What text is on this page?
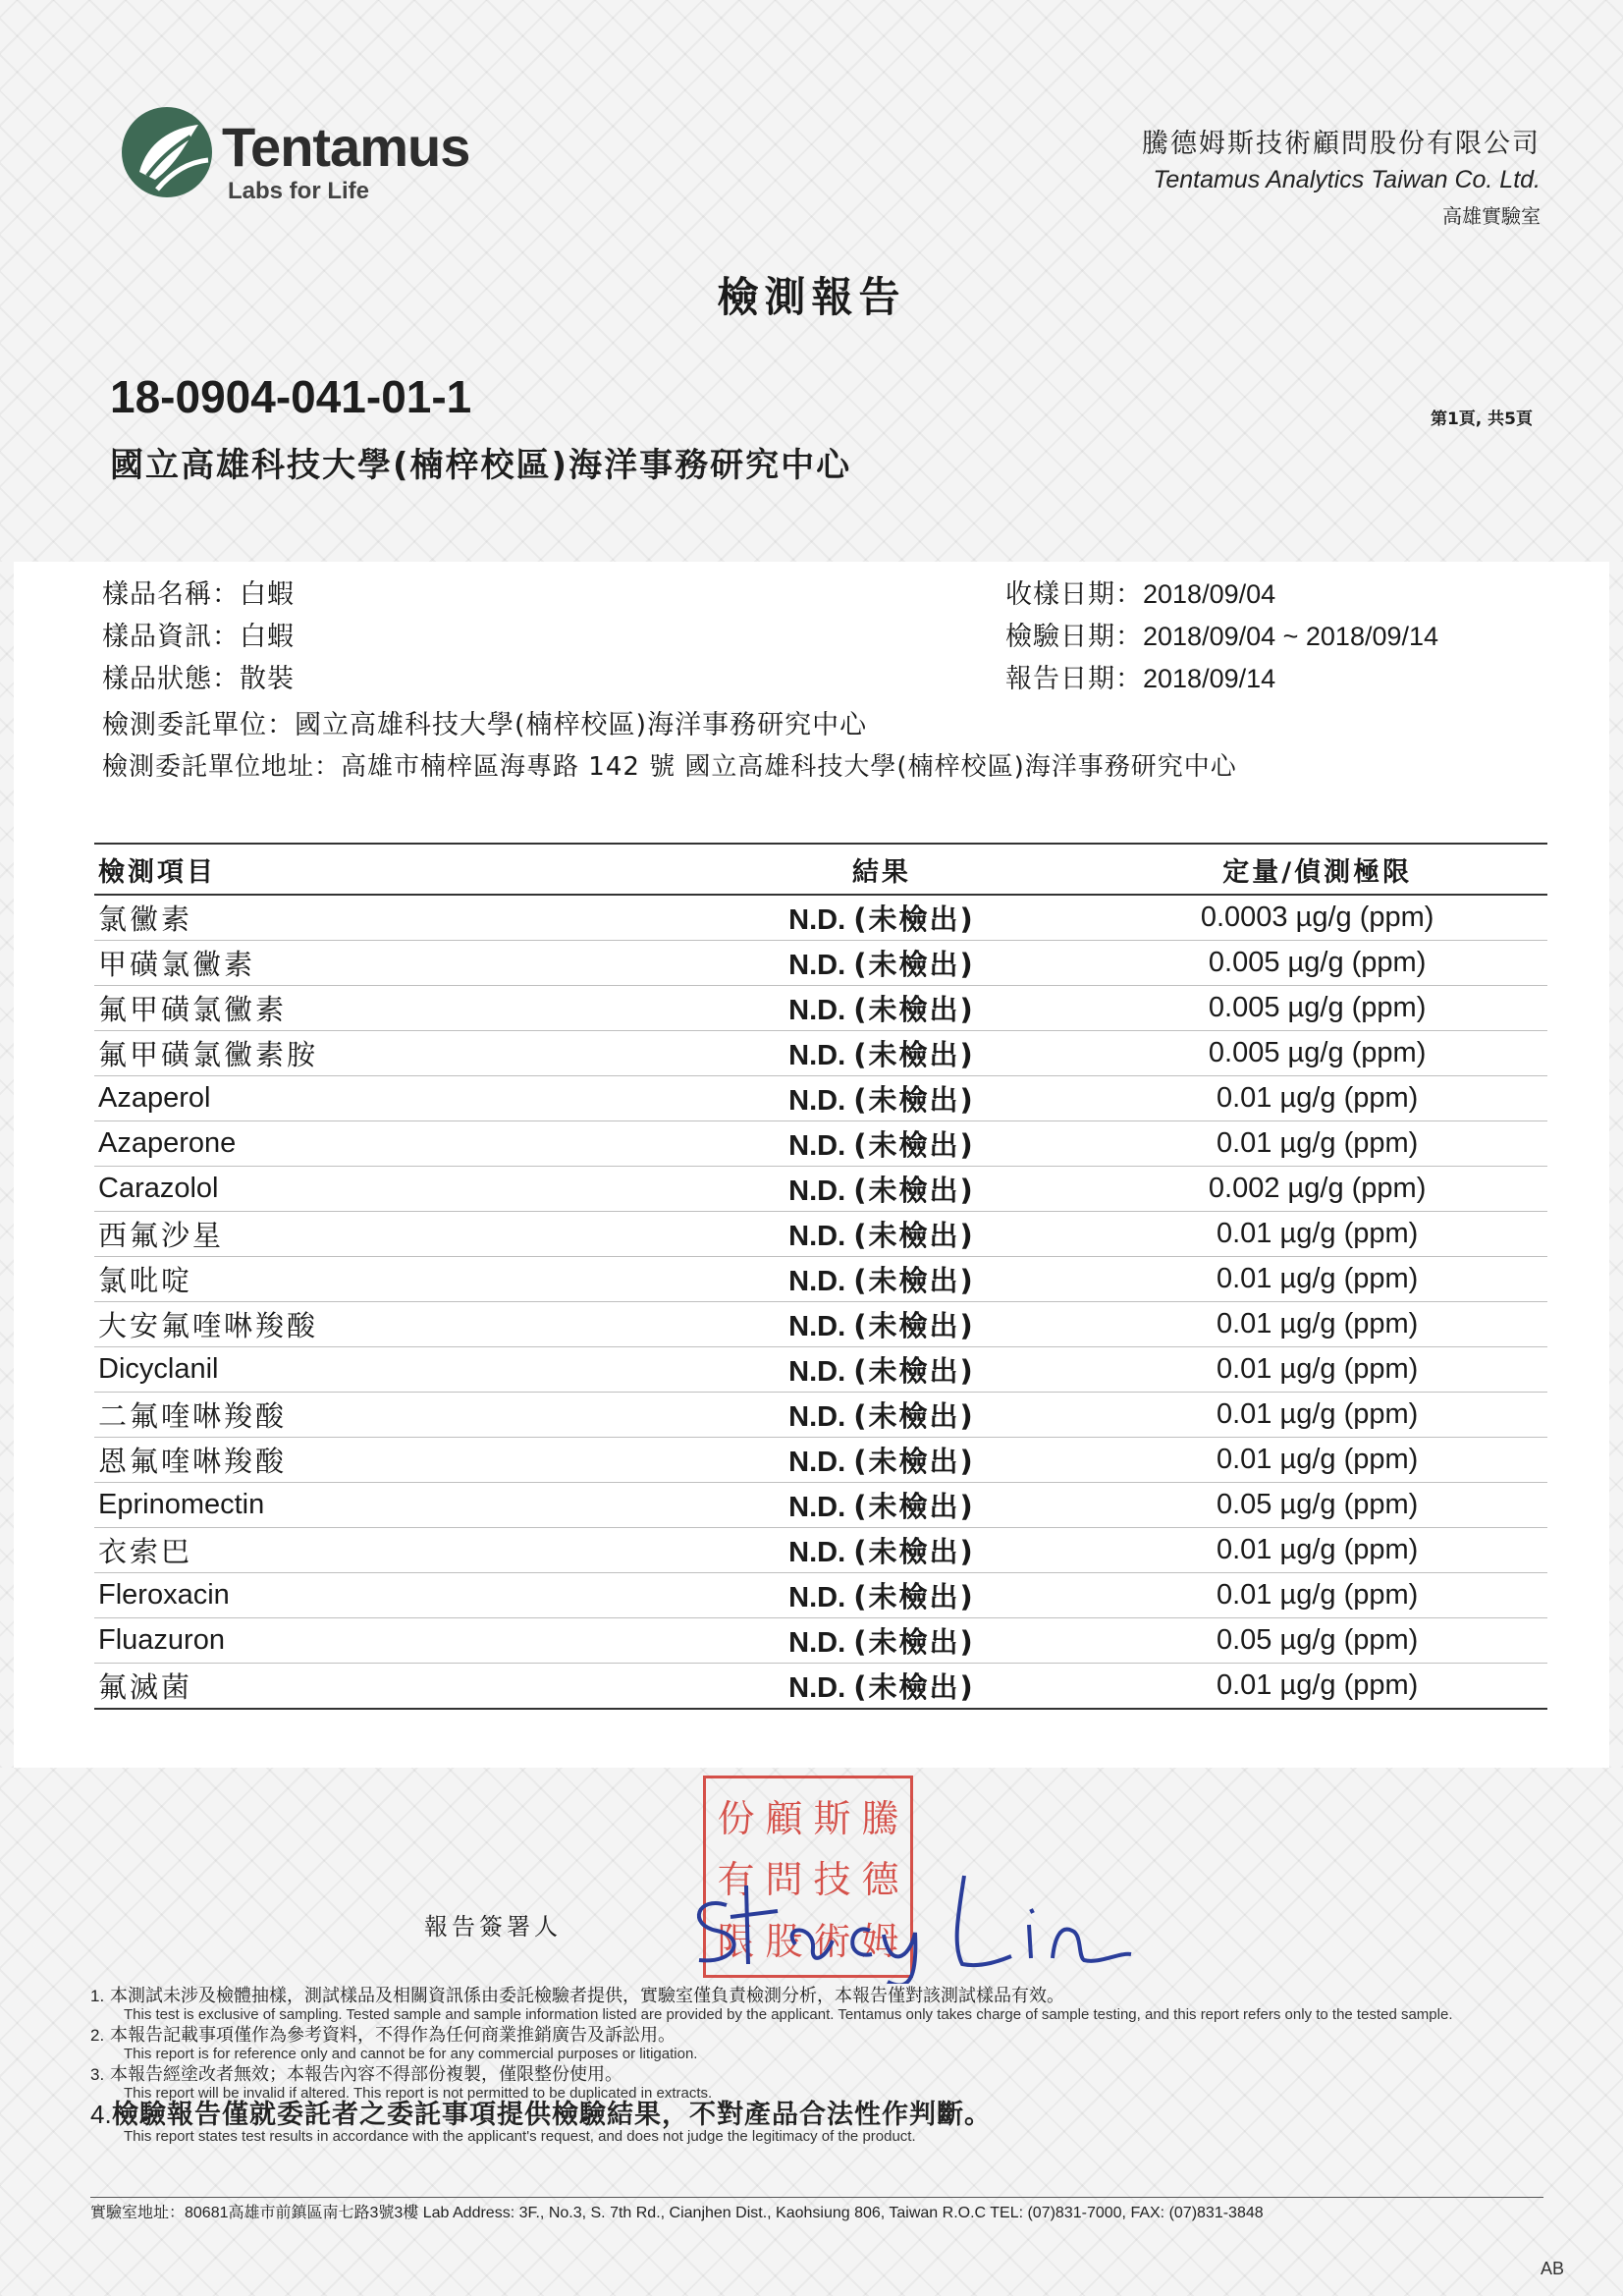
Tentamus
Labs for Life
騰德姆斯技術顧問股份有限公司
Tentamus Analytics Taiwan Co. Ltd.
高雄實驗室
檢測報告
18-0904-041-01-1	第1頁, 共5頁
國立高雄科技大學(楠梓校區)海洋事務研究中心
樣品名稱：白蝦
樣品資訊：白蝦
樣品狀態：散裝
檢測委託單位：國立高雄科技大學(楠梓校區)海洋事務研究中心
檢測委託單位地址：高雄市楠梓區海專路 142 號 國立高雄科技大學(楠梓校區)海洋事務研究中心
收樣日期：2018/09/04
檢驗日期：2018/09/04 ~ 2018/09/14
報告日期：2018/09/14
檢測項目	結果	定量/偵測極限
氯黴素	N.D. (未檢出)	0.0003 µg/g (ppm)
甲磺氯黴素	N.D. (未檢出)	0.005 µg/g (ppm)
氟甲磺氯黴素	N.D. (未檢出)	0.005 µg/g (ppm)
氟甲磺氯黴素胺	N.D. (未檢出)	0.005 µg/g (ppm)
Azaperol	N.D. (未檢出)	0.01 µg/g (ppm)
Azaperone	N.D. (未檢出)	0.01 µg/g (ppm)
Carazolol	N.D. (未檢出)	0.002 µg/g (ppm)
西氟沙星	N.D. (未檢出)	0.01 µg/g (ppm)
氯吡啶	N.D. (未檢出)	0.01 µg/g (ppm)
大安氟喹啉羧酸	N.D. (未檢出)	0.01 µg/g (ppm)
Dicyclanil	N.D. (未檢出)	0.01 µg/g (ppm)
二氟喹啉羧酸	N.D. (未檢出)	0.01 µg/g (ppm)
恩氟喹啉羧酸	N.D. (未檢出)	0.01 µg/g (ppm)
Eprinomectin	N.D. (未檢出)	0.05 µg/g (ppm)
衣索巴	N.D. (未檢出)	0.01 µg/g (ppm)
Fleroxacin	N.D. (未檢出)	0.01 µg/g (ppm)
Fluazuron	N.D. (未檢出)	0.05 µg/g (ppm)
氟滅菌	N.D. (未檢出)	0.01 µg/g (ppm)
份 顧 斯 騰
有 問 技 德
限 股 術 姆
報告簽署人
1. 本測試未涉及檢體抽樣，測試樣品及相關資訊係由委託檢驗者提供，實驗室僅負責檢測分析，本報告僅對該測試樣品有效。
This test is exclusive of sampling. Tested sample and sample information listed are provided by the applicant. Tentamus only takes charge of sample testing, and this report refers only to the tested sample.
2. 本報告記載事項僅作為參考資料，不得作為任何商業推銷廣告及訴訟用。
This report is for reference only and cannot be for any commercial purposes or litigation.
3. 本報告經塗改者無效；本報告內容不得部份複製，僅限整份使用。
This report will be invalid if altered. This report is not permitted to be duplicated in extracts.
4.檢驗報告僅就委託者之委託事項提供檢驗結果，不對產品合法性作判斷。
This report states test results in accordance with the applicant's request, and does not judge the legitimacy of the product.
實驗室地址：80681高雄市前鎮區南七路3號3樓 Lab Address: 3F., No.3, S. 7th Rd., Cianjhen Dist., Kaohsiung 806, Taiwan R.O.C TEL: (07)831-7000, FAX: (07)831-3848
AB
